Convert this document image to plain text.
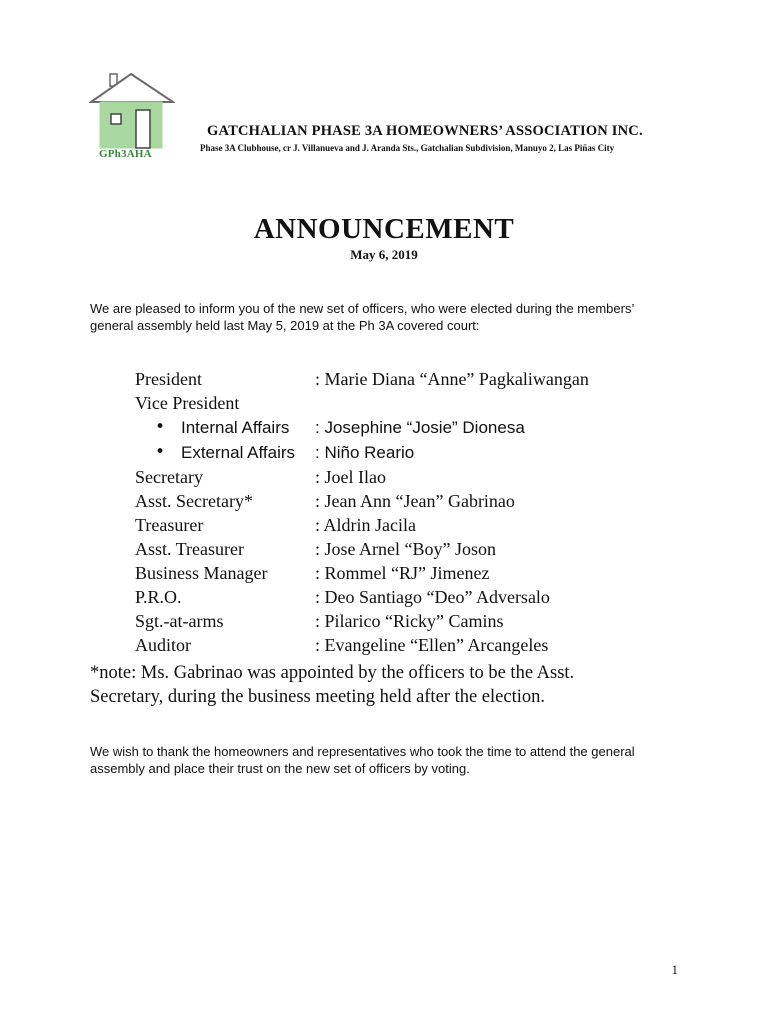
GPh3AHA
GATCHALIAN PHASE 3A HOMEOWNERS’ ASSOCIATION INC.
Phase 3A Clubhouse, cr J. Villanueva and J. Aranda Sts., Gatchalian Subdivision, Manuyo 2, Las Piñas City
ANNOUNCEMENT
May 6, 2019
We are pleased to inform you of the new set of officers, who were elected during the members’
general assembly held last May 5, 2019 at the Ph 3A covered court:
President	: Marie Diana “Anne” Pagkaliwangan
Vice President
• Internal Affairs : Josephine “Josie” Dionesa
• External Affairs : Niño Reario
Secretary	: Joel Ilao
Asst. Secretary*	: Jean Ann “Jean” Gabrinao
Treasurer	: Aldrin Jacila
Asst. Treasurer	: Jose Arnel “Boy” Joson
Business Manager	: Rommel “RJ” Jimenez
P.R.O.	: Deo Santiago “Deo” Adversalo
Sgt.-at-arms	: Pilarico “Ricky” Camins
Auditor	: Evangeline “Ellen” Arcangeles
*note: Ms. Gabrinao was appointed by the officers to be the Asst.
Secretary, during the business meeting held after the election.
We wish to thank the homeowners and representatives who took the time to attend the general
assembly and place their trust on the new set of officers by voting.
1
